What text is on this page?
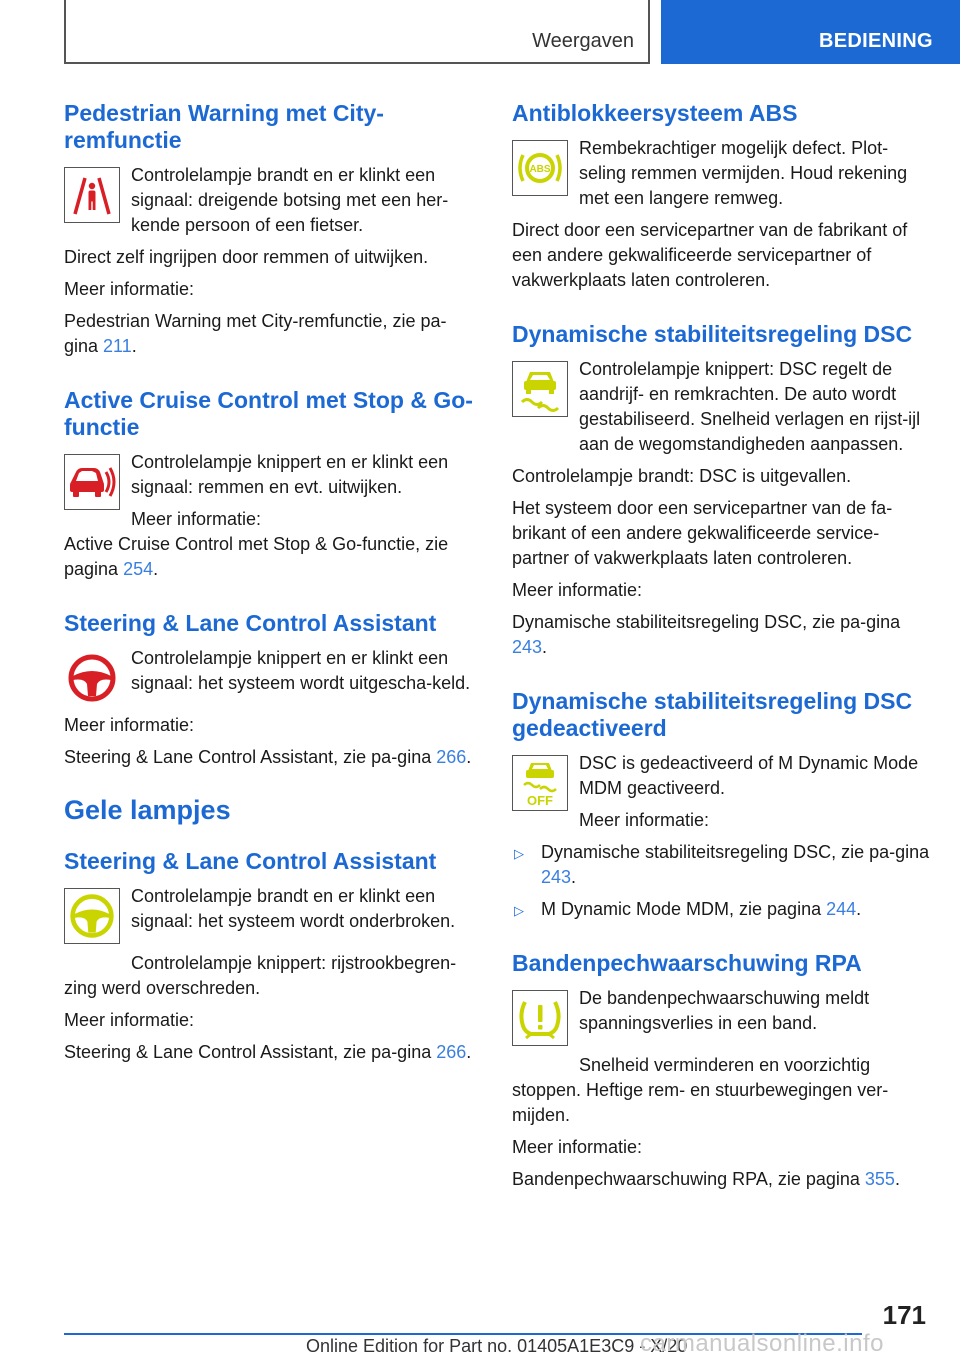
Weergaven	BEDIENING
Pedestrian Warning met City-remfunctie

Controlelampje brandt en er klinkt een signaal: dreigende botsing met een her-kende persoon of een fietser.

Direct zelf ingrijpen door remmen of uitwijken.

Meer informatie:

Pedestrian Warning met City-remfunctie, zie pa-gina 211.

Active Cruise Control met Stop & Go-functie

Controlelampje knippert en er klinkt een signaal: remmen en evt. uitwijken.

Meer informatie:

Active Cruise Control met Stop & Go-functie, zie pagina 254.

Steering & Lane Control Assistant

Controlelampje knippert en er klinkt een signaal: het systeem wordt uitgescha-keld.

Meer informatie:

Steering & Lane Control Assistant, zie pa-gina 266.

Gele lampjes
Steering & Lane Control Assistant

Controlelampje brandt en er klinkt een signaal: het systeem wordt onderbroken.

Controlelampje knippert: rijstrookbegren-zing werd overschreden.

Meer informatie:

Steering & Lane Control Assistant, zie pa-gina 266.

Antiblokkeersysteem ABS
ABS

Rembekrachtiger mogelijk defect. Plot-seling remmen vermijden. Houd rekening met een langere remweg.

Direct door een servicepartner van de fabrikant of een andere gekwalificeerde servicepartner of vakwerkplaats laten controleren.

Dynamische stabiliteitsregeling DSC

Controlelampje knippert: DSC regelt de aandrijf- en remkrachten. De auto wordt gestabiliseerd. Snelheid verlagen en rijst-ijl aan de wegomstandigheden aanpassen.

Controlelampje brandt: DSC is uitgevallen.

Het systeem door een servicepartner van de fa-brikant of een andere gekwalificeerde service-partner of vakwerkplaats laten controleren.

Meer informatie:

Dynamische stabiliteitsregeling DSC, zie pa-gina 243.

Dynamische stabiliteitsregeling DSC gedeactiveerd
OFF

DSC is gedeactiveerd of M Dynamic Mode MDM geactiveerd.

Meer informatie:

▷ Dynamische stabiliteitsregeling DSC, zie pa-gina 243.
▷ M Dynamic Mode MDM, zie pagina 244.
Bandenpechwaarschuwing RPA

De bandenpechwaarschuwing meldt spanningsverlies in een band.

Snelheid verminderen en voorzichtig stoppen. Heftige rem- en stuurbewegingen ver-mijden.

Meer informatie:

Bandenpechwaarschuwing RPA, zie pagina 355.

171
Online Edition for Part no. 01405A1E3C9 - X/20
carmanualsonline.info
